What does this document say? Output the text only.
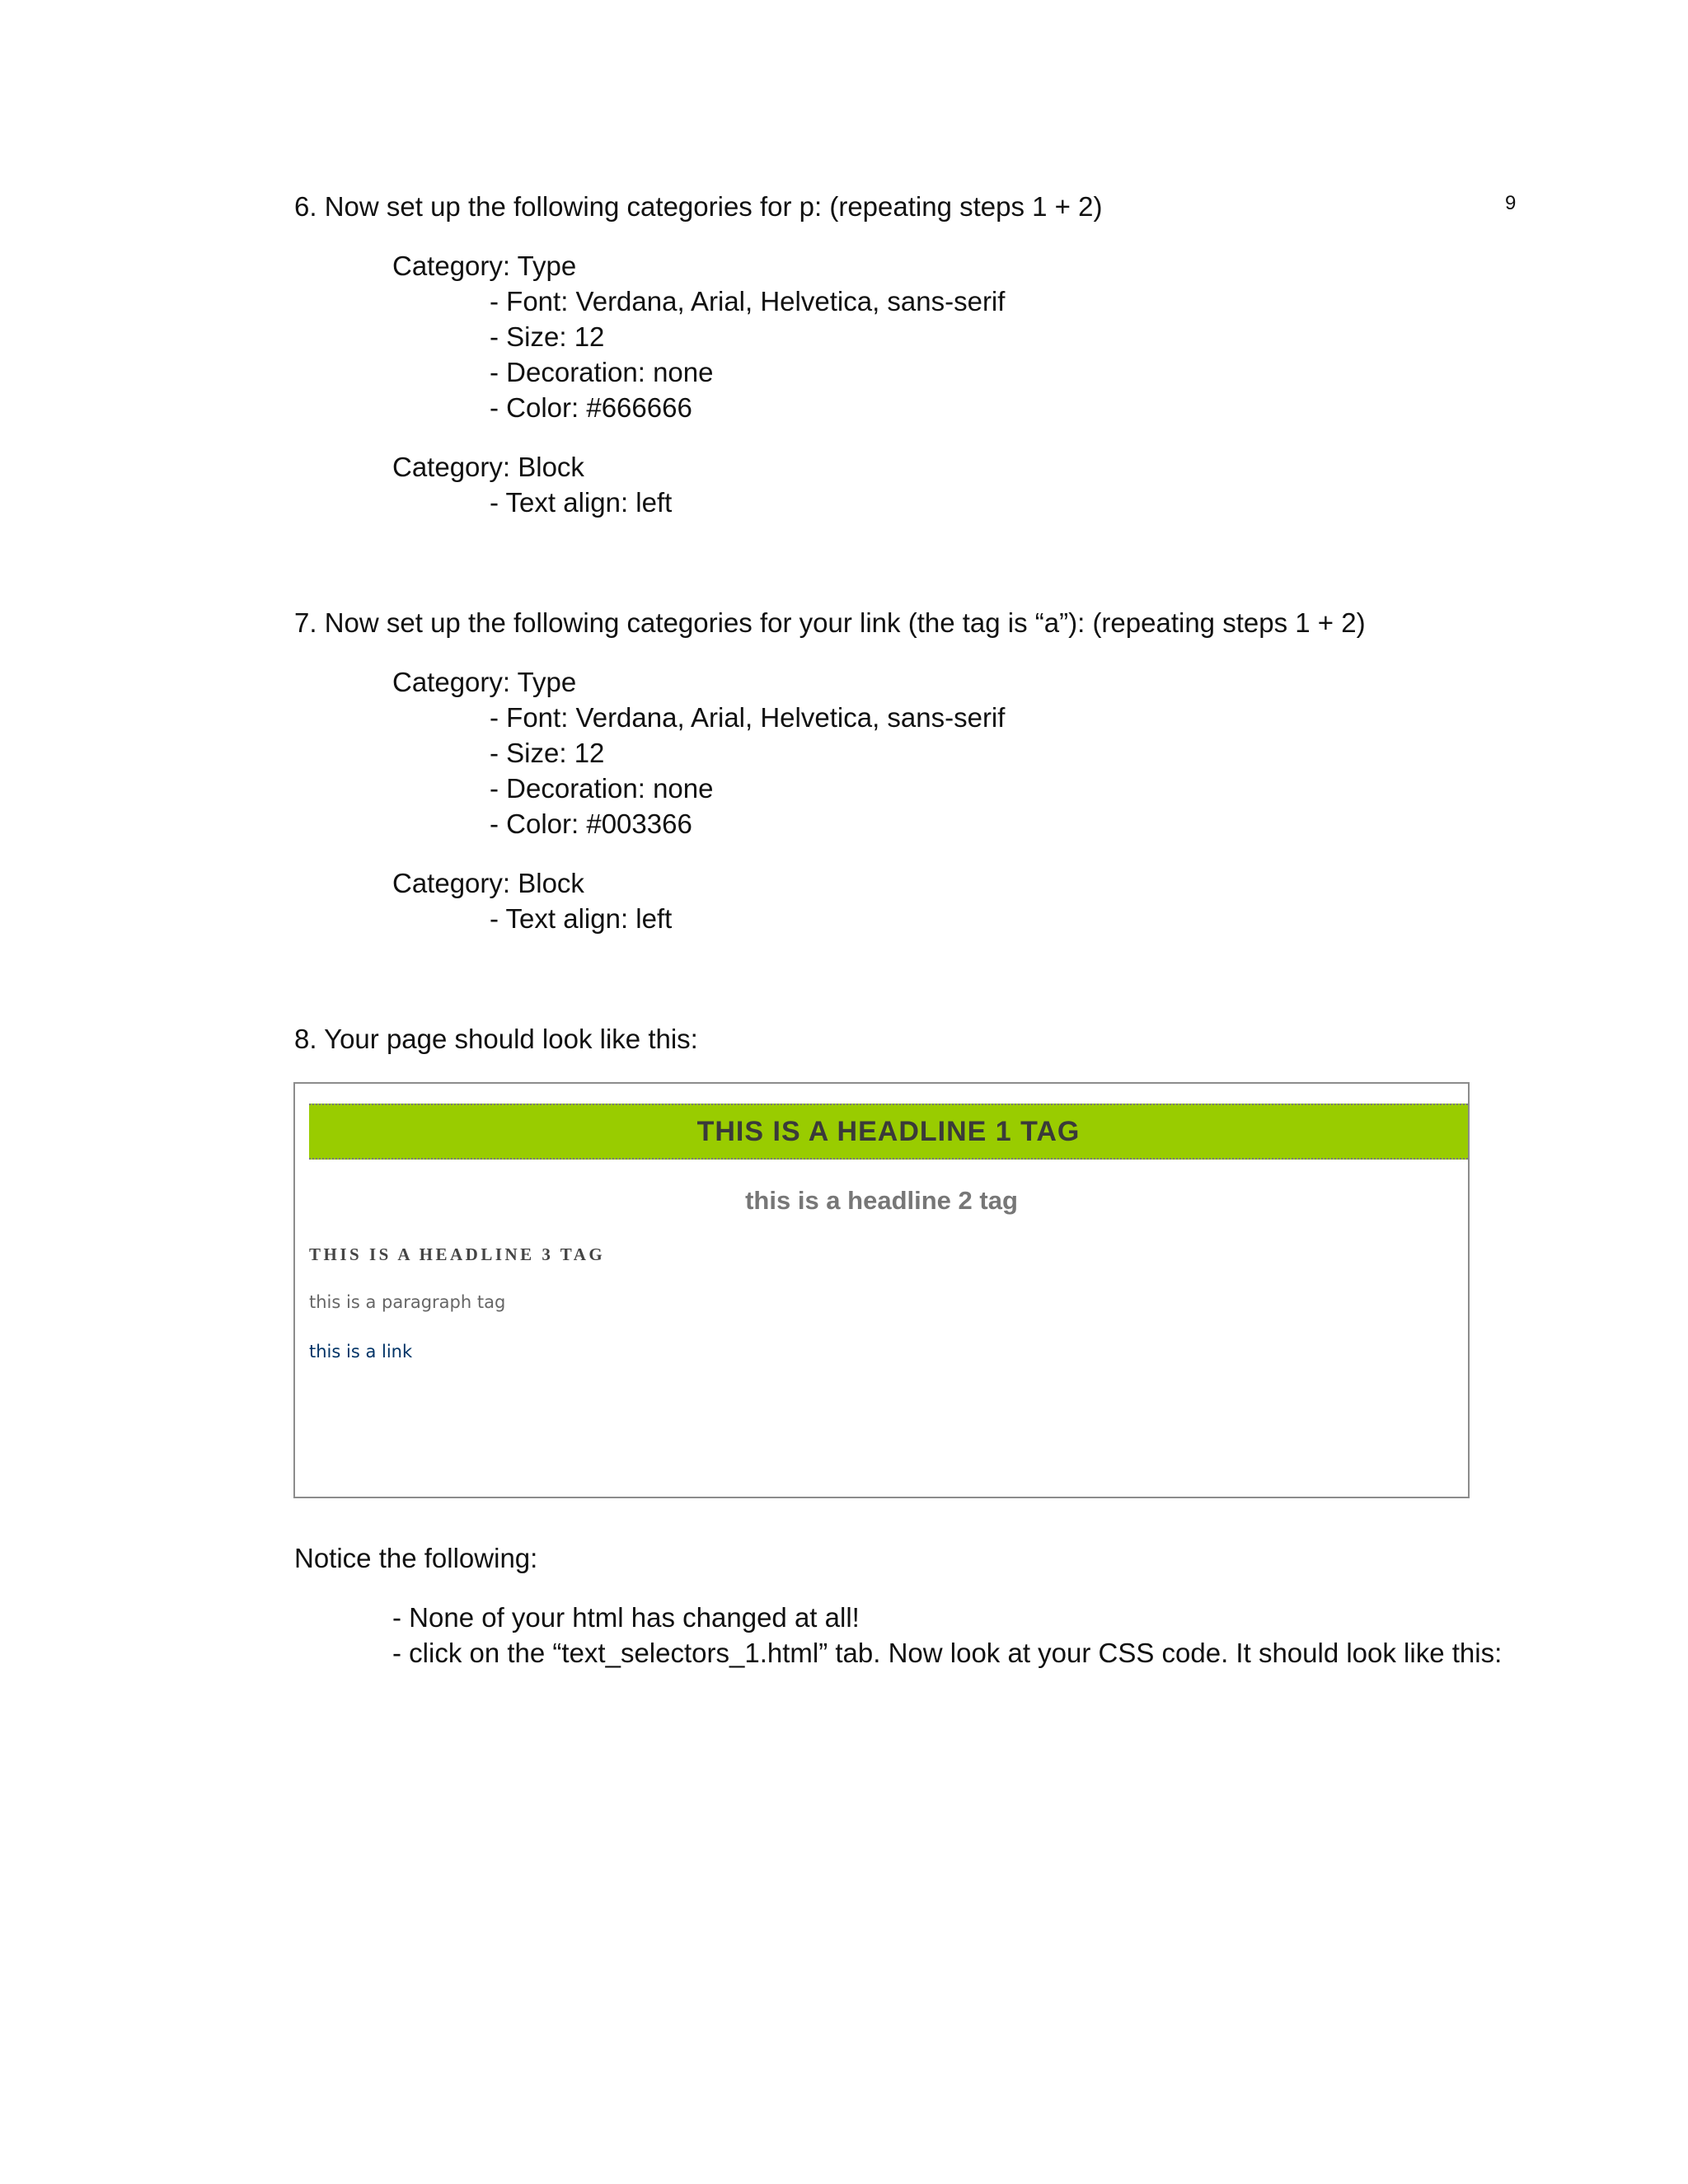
9
6. Now set up the following categories for p: (repeating steps 1 + 2)
Category: Type
- Font: Verdana, Arial, Helvetica, sans-serif
- Size: 12
- Decoration: none
- Color: #666666
Category: Block
- Text align: left
7. Now set up the following categories for your link (the tag is “a”): (repeating steps 1 + 2)
Category: Type
- Font: Verdana, Arial, Helvetica, sans-serif
- Size: 12
- Decoration: none
- Color: #003366
Category: Block
- Text align: left
8. Your page should look like this:
THIS IS A HEADLINE 1 TAG
this is a headline 2 tag
THIS IS A HEADLINE 3 TAG
this is a paragraph tag
this is a link
Notice the following:
- None of your html has changed at all!
- click on the “text_selectors_1.html” tab. Now look at your CSS code. It should look like this:
